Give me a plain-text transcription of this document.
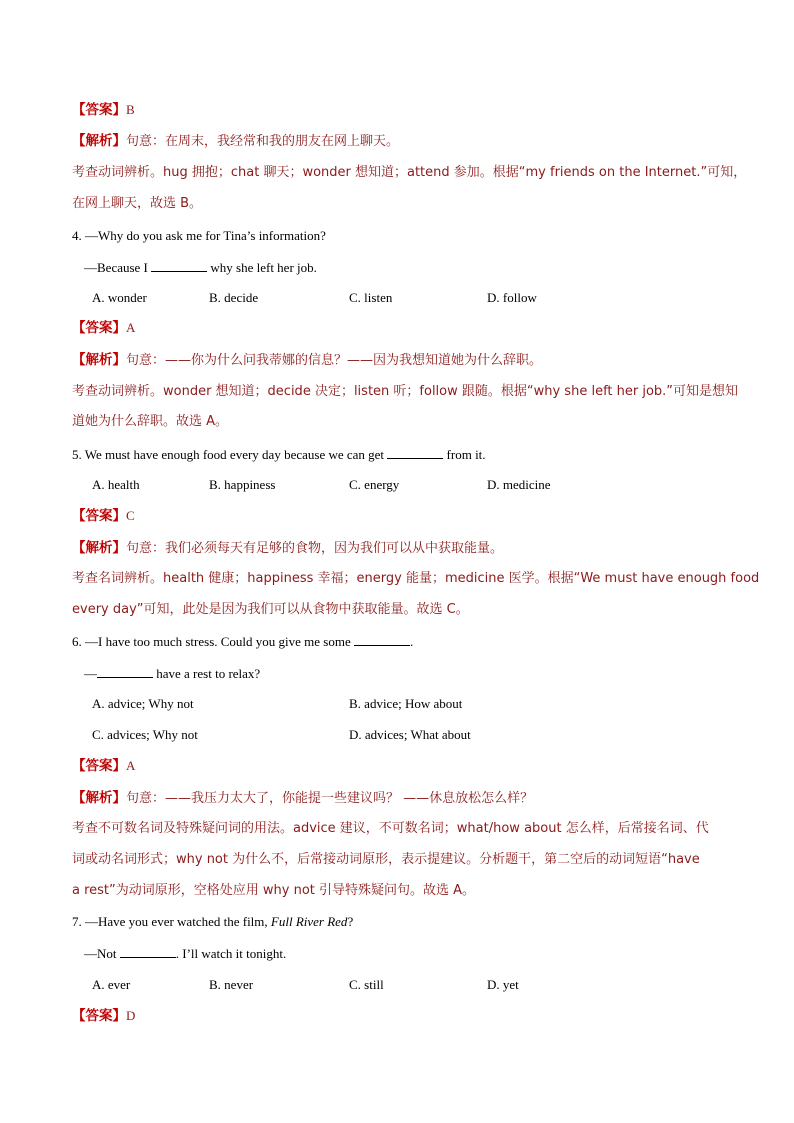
【答案】B
【解析】句意：在周末，我经常和我的朋友在网上聊天。
考查动词辨析。hug 拥抱；chat 聊天；wonder 想知道；attend 参加。根据“my friends on the Internet.”可知，
在网上聊天，故选 B。
4. —Why do you ask me for Tina’s information?
—Because I	why she left her job.
A. wonder	B. decide	C. listen	D. follow
【答案】A
【解析】句意：——你为什么问我蒂娜的信息？——因为我想知道她为什么辞职。
考查动词辨析。wonder 想知道；decide 决定；listen 听；follow 跟随。根据“why she left her job.”可知是想知
道她为什么辞职。故选 A。
5. We must have enough food every day because we can get	from it.
A. health	B. happiness	C. energy	D. medicine
【答案】C
【解析】句意：我们必须每天有足够的食物，因为我们可以从中获取能量。
考查名词辨析。health 健康；happiness 幸福；energy 能量；medicine 医学。根据“We must have enough food
every day”可知，此处是因为我们可以从食物中获取能量。故选 C。
6. —I have too much stress. Could you give me some	.
—	have a rest to relax?
A. advice; Why not	B. advice; How about
C. advices; Why not	D. advices; What about
【答案】A
【解析】句意：——我压力太大了，你能提一些建议吗？ ——休息放松怎么样？
考查不可数名词及特殊疑问词的用法。advice 建议，不可数名词；what/how about 怎么样，后常接名词、代
词或动名词形式；why not 为什么不，后常接动词原形，表示提建议。分析题干，第二空后的动词短语“have
a rest”为动词原形，空格处应用 why not 引导特殊疑问句。故选 A。
7. —Have you ever watched the film, Full River Red?
—Not	. I’ll watch it tonight.
A. ever	B. never	C. still	D. yet
【答案】D
